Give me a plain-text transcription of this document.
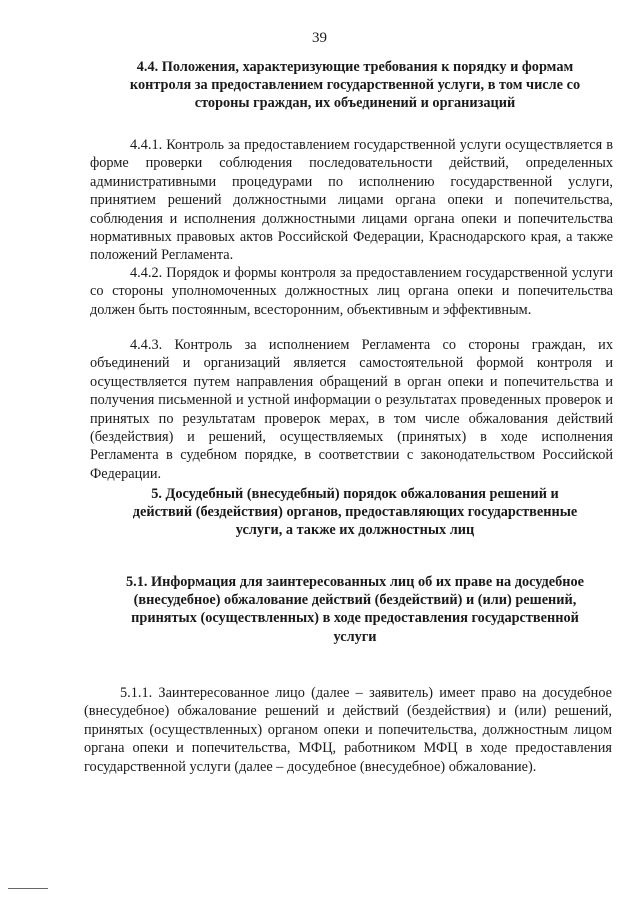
39
4.4. Положения, характеризующие требования к порядку и формам контроля за предоставлением государственной услуги, в том числе со стороны граждан, их объединений и организаций
4.4.1. Контроль за предоставлением государственной услуги осуществляется в форме проверки соблюдения последовательности действий, определенных административными процедурами по исполнению государственной услуги, принятием решений должностными лицами органа опеки и попечительства, соблюдения и исполнения должностными лицами органа опеки и попечительства нормативных правовых актов Российской Федерации, Краснодарского края, а также положений Регламента.
4.4.2. Порядок и формы контроля за предоставлением государственной услуги со стороны уполномоченных должностных лиц органа опеки и попечительства должен быть постоянным, всесторонним, объективным и эффективным.
4.4.3. Контроль за исполнением Регламента со стороны граждан, их объединений и организаций является самостоятельной формой контроля и осуществляется путем направления обращений в орган опеки и попечительства и получения письменной и устной информации о результатах проведенных проверок и принятых по результатам проверок мерах, в том числе обжалования действий (бездействия) и решений, осуществляемых (принятых) в ходе исполнения Регламента в судебном порядке, в соответствии с законодательством Российской Федерации.
5. Досудебный (внесудебный) порядок обжалования решений и действий (бездействия) органов, предоставляющих государственные услуги, а также их должностных лиц
5.1. Информация для заинтересованных лиц об их праве на досудебное (внесудебное) обжалование действий (бездействий) и (или) решений, принятых (осуществленных) в ходе предоставления государственной услуги
5.1.1. Заинтересованное лицо (далее – заявитель) имеет право на досудебное (внесудебное) обжалование решений и действий (бездействия) и (или) решений, принятых (осуществленных) органом опеки и попечительства, должностным лицом органа опеки и попечительства, МФЦ, работником МФЦ в ходе предоставления государственной услуги (далее – досудебное (внесудебное) обжалование).
